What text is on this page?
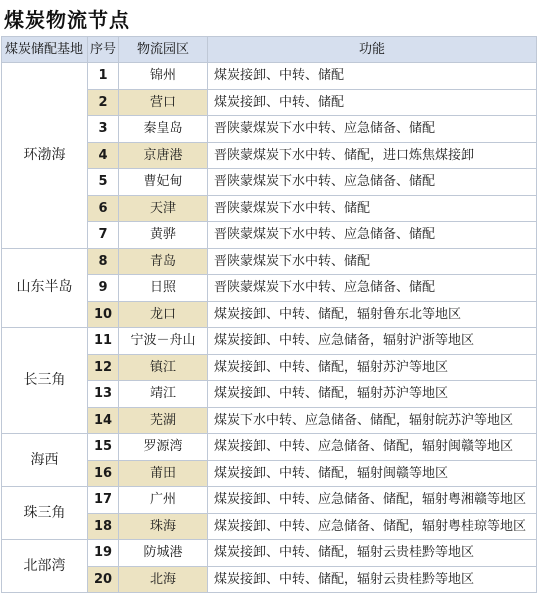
煤炭物流节点
煤炭储配基地	序号	物流园区	功能
环渤海	1	锦州	煤炭接卸、中转、储配
	2	营口	煤炭接卸、中转、储配
	3	秦皇岛	晋陕蒙煤炭下水中转、应急储备、储配
	4	京唐港	晋陕蒙煤炭下水中转、储配，进口炼焦煤接卸
	5	曹妃甸	晋陕蒙煤炭下水中转、应急储备、储配
	6	天津	晋陕蒙煤炭下水中转、储配
	7	黄骅	晋陕蒙煤炭下水中转、应急储备、储配
山东半岛	8	青岛	晋陕蒙煤炭下水中转、储配
	9	日照	晋陕蒙煤炭下水中转、应急储备、储配
	10	龙口	煤炭接卸、中转、储配，辐射鲁东北等地区
长三角	11	宁波－舟山	煤炭接卸、中转、应急储备，辐射沪浙等地区
	12	镇江	煤炭接卸、中转、储配，辐射苏沪等地区
	13	靖江	煤炭接卸、中转、储配，辐射苏沪等地区
	14	芜湖	煤炭下水中转、应急储备、储配，辐射皖苏沪等地区
海西	15	罗源湾	煤炭接卸、中转、应急储备、储配，辐射闽赣等地区
	16	莆田	煤炭接卸、中转、储配，辐射闽赣等地区
珠三角	17	广州	煤炭接卸、中转、应急储备、储配，辐射粤湘赣等地区
	18	珠海	煤炭接卸、中转、应急储备、储配，辐射粤桂琼等地区
北部湾	19	防城港	煤炭接卸、中转、储配，辐射云贵桂黔等地区
	20	北海	煤炭接卸、中转、储配，辐射云贵桂黔等地区
